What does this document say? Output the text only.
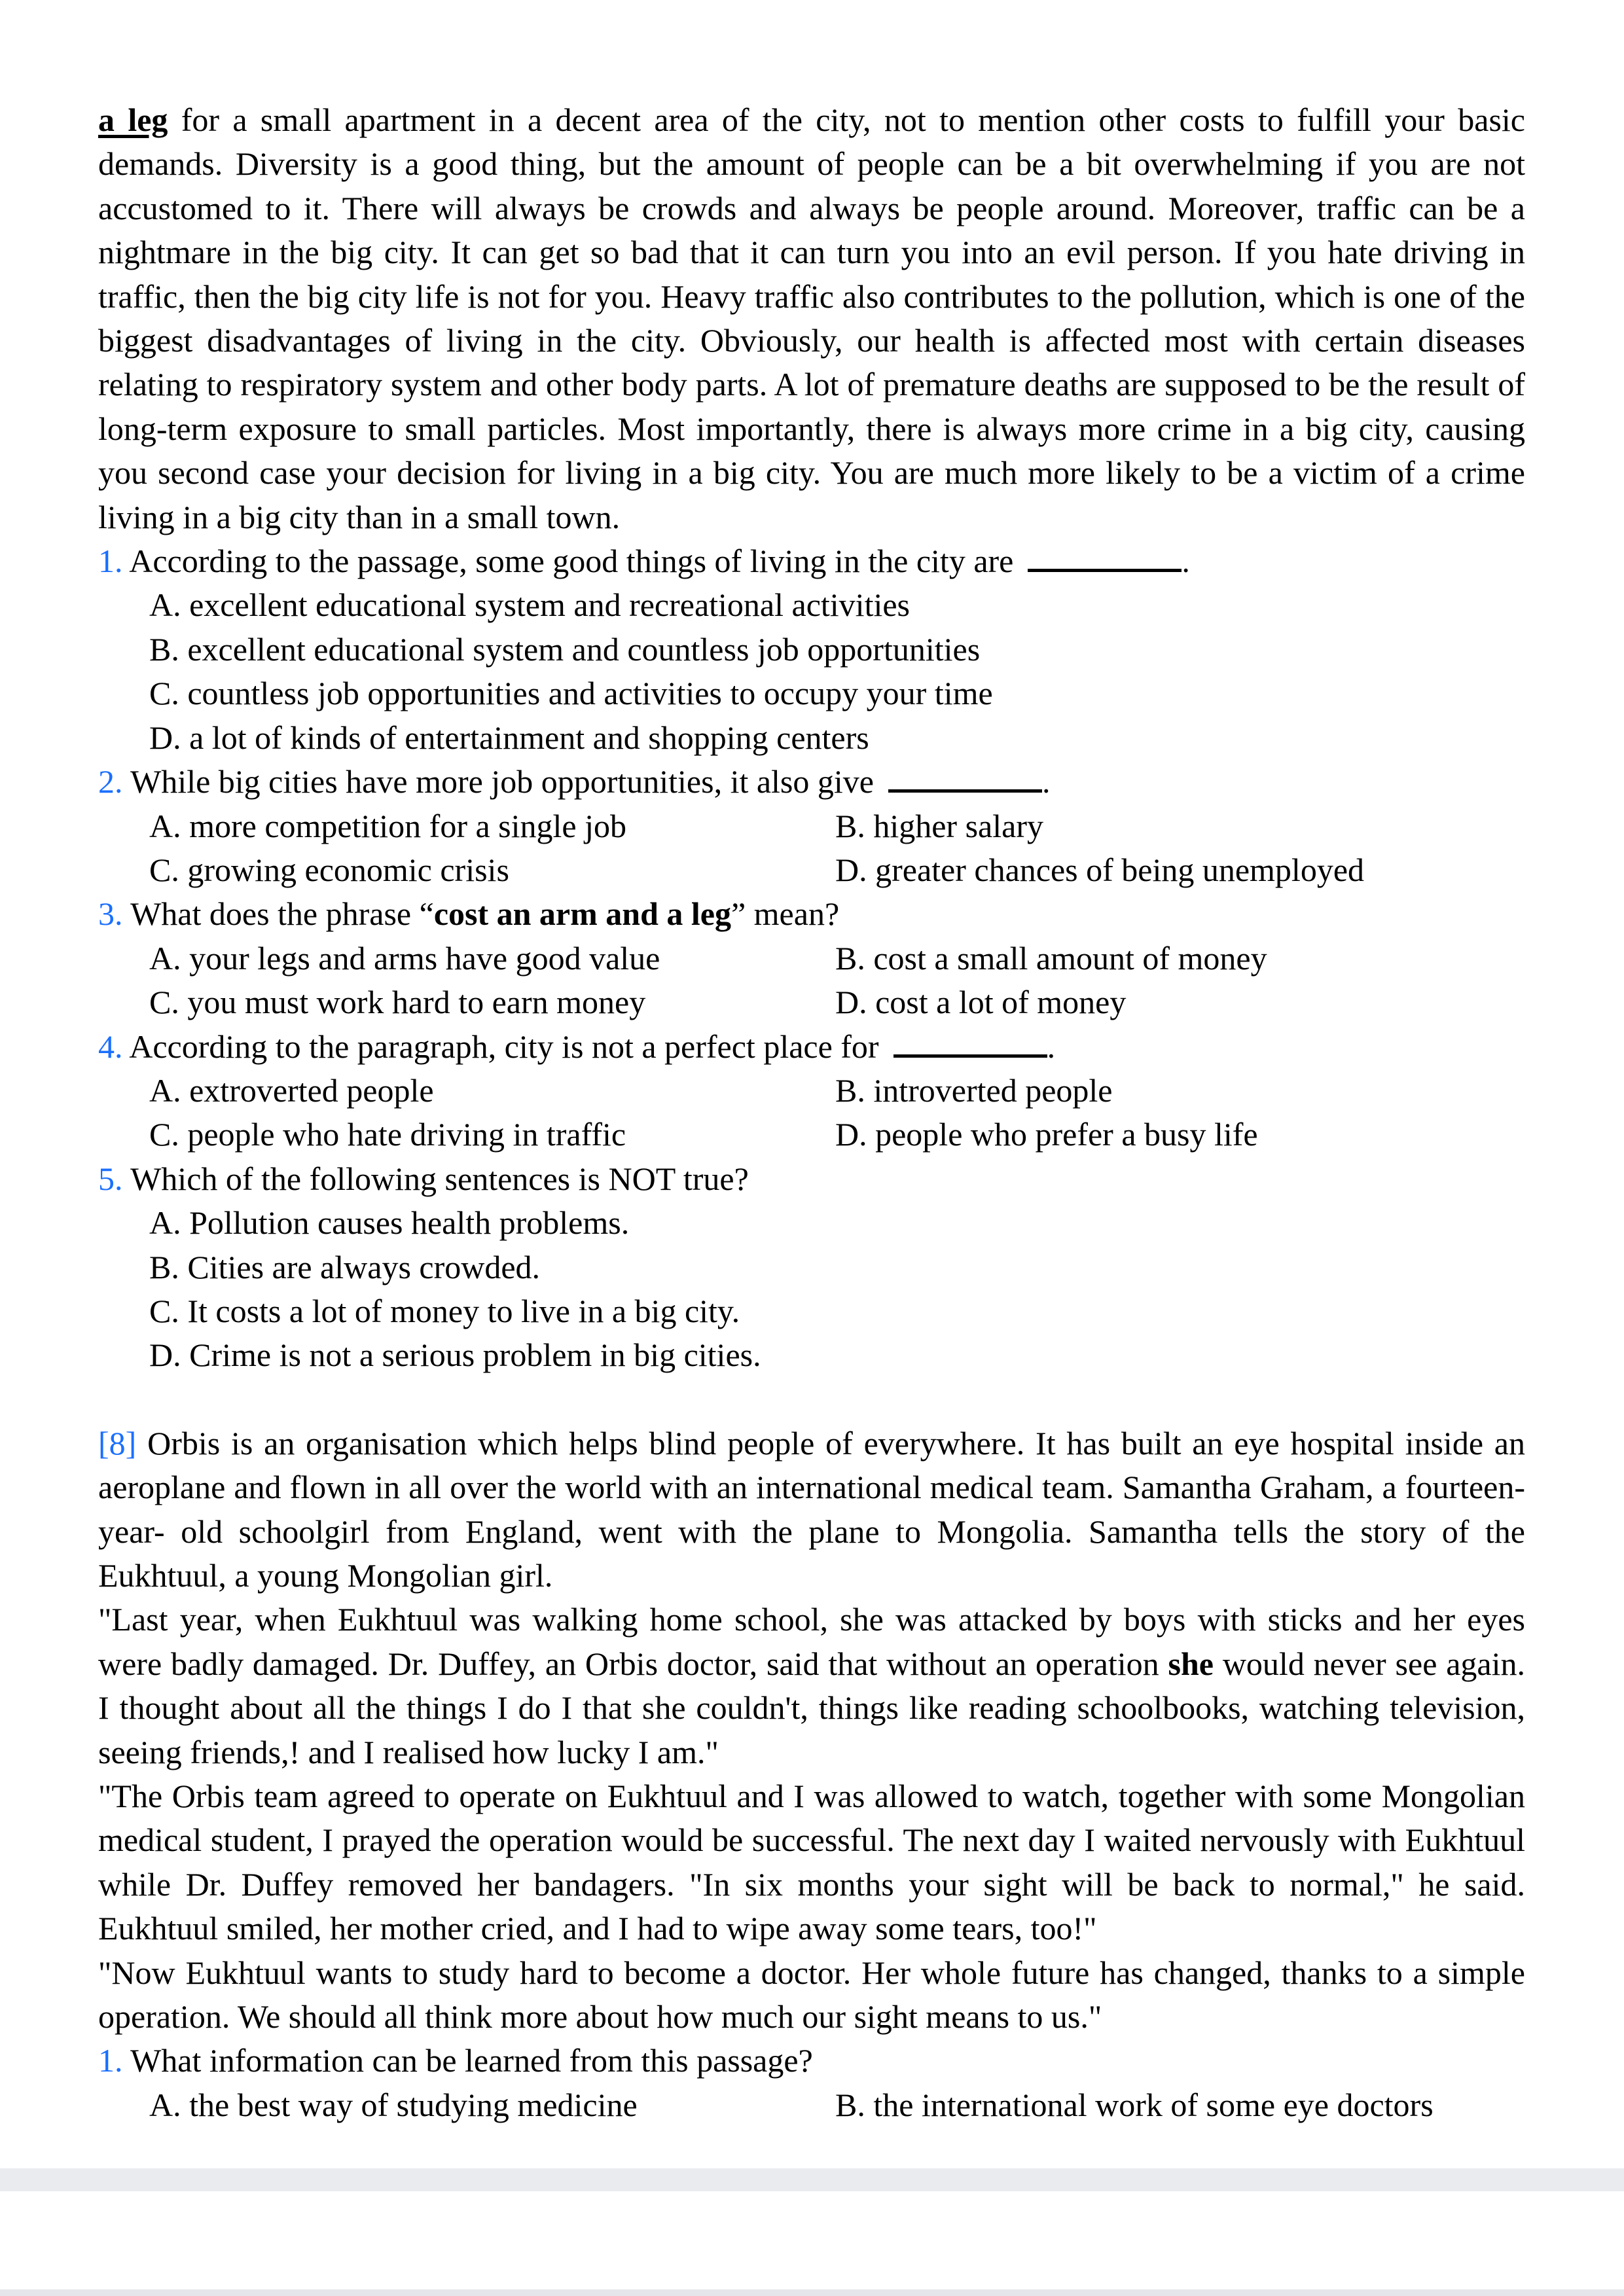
a leg for a small apartment in a decent area of the city, not to mention other costs to fulfill your basic demands. Diversity is a good thing, but the amount of people can be a bit overwhelming if you are not accustomed to it. There will always be crowds and always be people around. Moreover, traffic can be a nightmare in the big city. It can get so bad that it can turn you into an evil person. If you hate driving in traffic, then the big city life is not for you. Heavy traffic also contributes to the pollution, which is one of the biggest disadvantages of living in the city. Obviously, our health is affected most with certain diseases relating to respiratory system and other body parts. A lot of premature deaths are supposed to be the result of long-term exposure to small particles. Most importantly, there is always more crime in a big city, causing you second case your decision for living in a big city. You are much more likely to be a victim of a crime living in a big city than in a small town.

1. According to the passage, some good things of living in the city are	.

A. excellent educational system and recreational activities

B. excellent educational system and countless job opportunities

C. countless job opportunities and activities to occupy your time

D. a lot of kinds of entertainment and shopping centers

2. While big cities have more job opportunities, it also give	.

A. more competition for a single job	B. higher salary
C. growing economic crisis	D. greater chances of being unemployed

3. What does the phrase “cost an arm and a leg” mean?

A. your legs and arms have good value	B. cost a small amount of money
C. you must work hard to earn money	D. cost a lot of money

4. According to the paragraph, city is not a perfect place for	.

A. extroverted people	B. introverted people
C. people who hate driving in traffic	D. people who prefer a busy life

5. Which of the following sentences is NOT true?

A. Pollution causes health problems.

B. Cities are always crowded.

C. It costs a lot of money to live in a big city.

D. Crime is not a serious problem in big cities.

[8] Orbis is an organisation which helps blind people of everywhere. It has built an eye hospital inside an aeroplane and flown in all over the world with an international medical team. Samantha Graham, a fourteen- year- old schoolgirl from England, went with the plane to Mongolia. Samantha tells the story of the Eukhtuul, a young Mongolian girl.

"Last year, when Eukhtuul was walking home school, she was attacked by boys with sticks and her eyes were badly damaged. Dr. Duffey, an Orbis doctor, said that without an operation she would never see again. I thought about all the things I do I that she couldn't, things like reading schoolbooks, watching television, seeing friends,! and I realised how lucky I am."

"The Orbis team agreed to operate on Eukhtuul and I was allowed to watch, together with some Mongolian medical student, I prayed the operation would be successful. The next day I waited nervously with Eukhtuul while Dr. Duffey removed her bandagers. "In six months your sight will be back to normal," he said. Eukhtuul smiled, her mother cried, and I had to wipe away some tears, too!"

"Now Eukhtuul wants to study hard to become a doctor. Her whole future has changed, thanks to a simple operation. We should all think more about how much our sight means to us."

1. What information can be learned from this passage?

A. the best way of studying medicine	B. the international work of some eye doctors
